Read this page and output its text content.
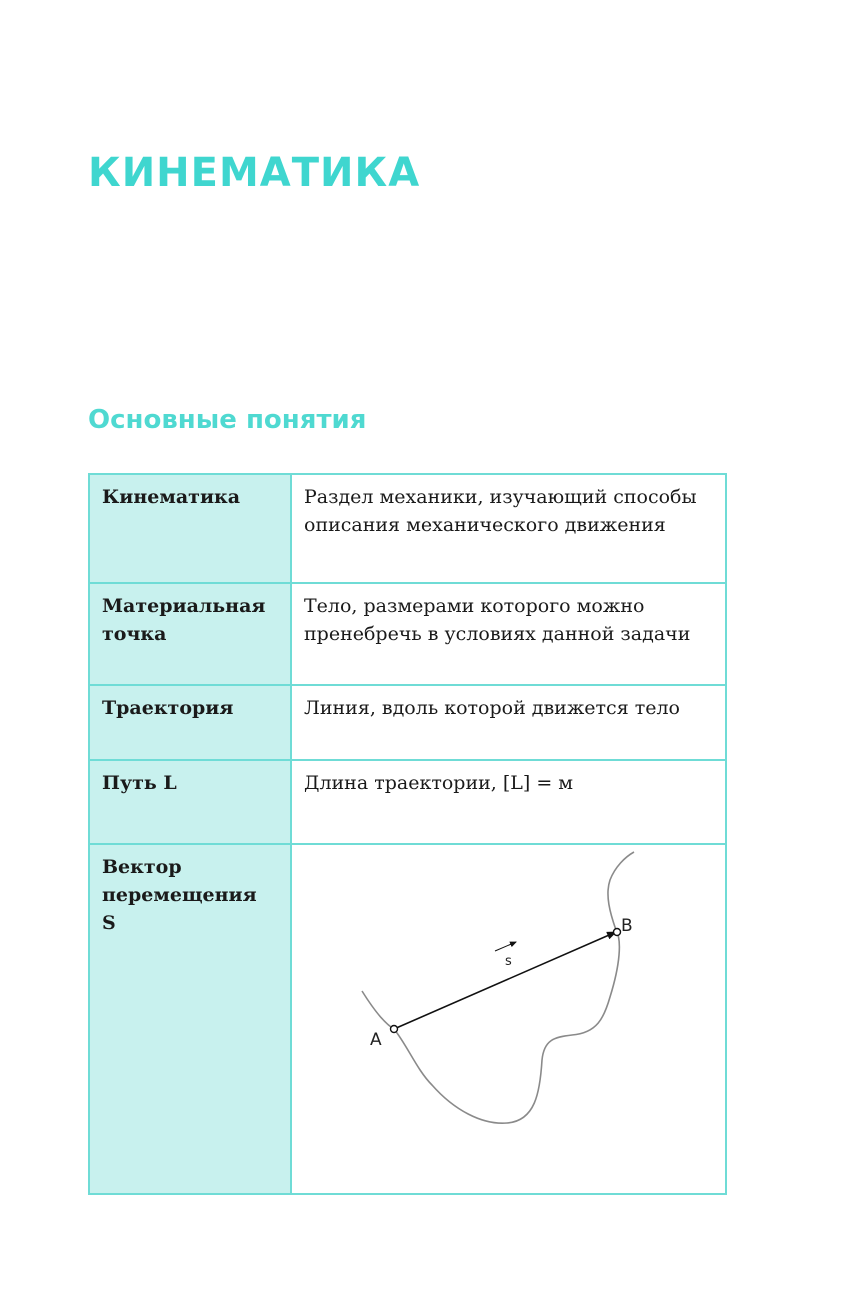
КИНЕМАТИКА
Основные понятия
Кинематика	Раздел механики, изучающий способы описания механического движения

Материальная
точка	Тело, размерами которого можно пренебречь в условиях данной задачи

Траектория	Линия, вдоль которой движется тело

Путь L	Длина траектории, [L] = м

Вектор
перемещения
S	A
B
s
